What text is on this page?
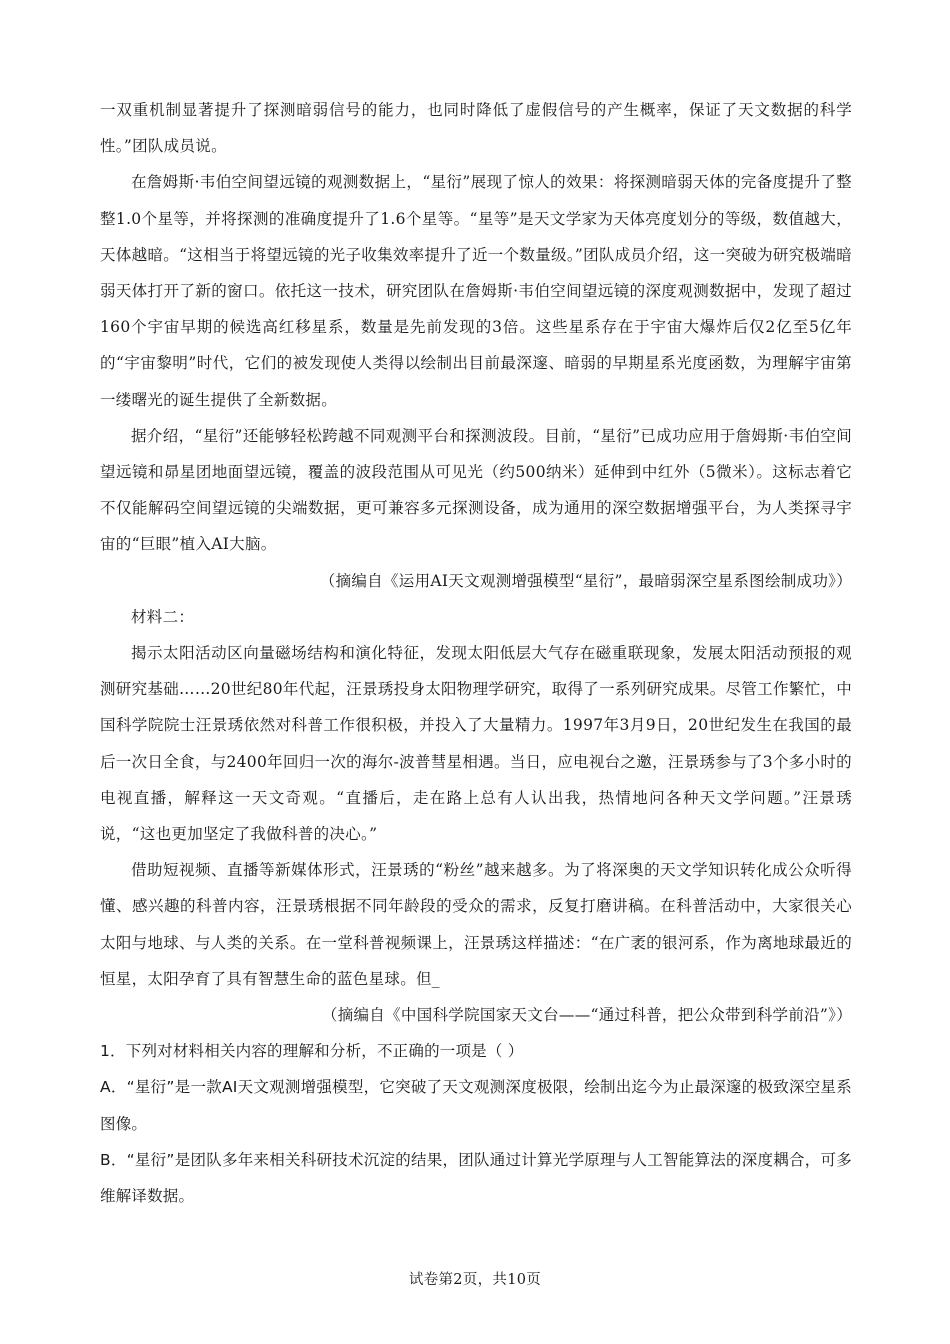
一双重机制显著提升了探测暗弱信号的能力，也同时降低了虚假信号的产生概率，保证了天文数据的科学性。”团队成员说。

在詹姆斯·韦伯空间望远镜的观测数据上，“星衍”展现了惊人的效果：将探测暗弱天体的完备度提升了整整1.0个星等，并将探测的准确度提升了1.6个星等。“星等”是天文学家为天体亮度划分的等级，数值越大，天体越暗。“这相当于将望远镜的光子收集效率提升了近一个数量级。”团队成员介绍，这一突破为研究极端暗弱天体打开了新的窗口。依托这一技术，研究团队在詹姆斯·韦伯空间望远镜的深度观测数据中，发现了超过160个宇宙早期的候选高红移星系，数量是先前发现的3倍。这些星系存在于宇宙大爆炸后仅2亿至5亿年的“宇宙黎明”时代，它们的被发现使人类得以绘制出目前最深邃、暗弱的早期星系光度函数，为理解宇宙第一缕曙光的诞生提供了全新数据。

据介绍，“星衍”还能够轻松跨越不同观测平台和探测波段。目前，“星衍”已成功应用于詹姆斯·韦伯空间望远镜和昴星团地面望远镜，覆盖的波段范围从可见光（约500纳米）延伸到中红外（5微米）。这标志着它不仅能解码空间望远镜的尖端数据，更可兼容多元探测设备，成为通用的深空数据增强平台，为人类探寻宇宙的“巨眼”植入AI大脑。

（摘编自《运用AI天文观测增强模型“星衍”，最暗弱深空星系图绘制成功》）

材料二：

揭示太阳活动区向量磁场结构和演化特征，发现太阳低层大气存在磁重联现象，发展太阳活动预报的观测研究基础……20世纪80年代起，汪景琇投身太阳物理学研究，取得了一系列研究成果。尽管工作繁忙，中国科学院院士汪景琇依然对科普工作很积极，并投入了大量精力。1997年3月9日，20世纪发生在我国的最后一次日全食，与2400年回归一次的海尔-波普彗星相遇。当日，应电视台之邀，汪景琇参与了3个多小时的电视直播，解释这一天文奇观。“直播后，走在路上总有人认出我，热情地问各种天文学问题。”汪景琇说，“这也更加坚定了我做科普的决心。”

借助短视频、直播等新媒体形式，汪景琇的“粉丝”越来越多。为了将深奥的天文学知识转化成公众听得懂、感兴趣的科普内容，汪景琇根据不同年龄段的受众的需求，反复打磨讲稿。在科普活动中，大家很关心太阳与地球、与人类的关系。在一堂科普视频课上，汪景琇这样描述：“在广袤的银河系，作为离地球最近的恒星，太阳孕育了具有智慧生命的蓝色星球。但_

（摘编自《中国科学院国家天文台——“通过科普，把公众带到科学前沿”》）

1．下列对材料相关内容的理解和分析，不正确的一项是（ ）

A．“星衍”是一款AI天文观测增强模型，它突破了天文观测深度极限，绘制出迄今为止最深邃的极致深空星系图像。

B．“星衍”是团队多年来相关科研技术沉淀的结果，团队通过计算光学原理与人工智能算法的深度耦合，可多维解译数据。

试卷第2页，共10页
